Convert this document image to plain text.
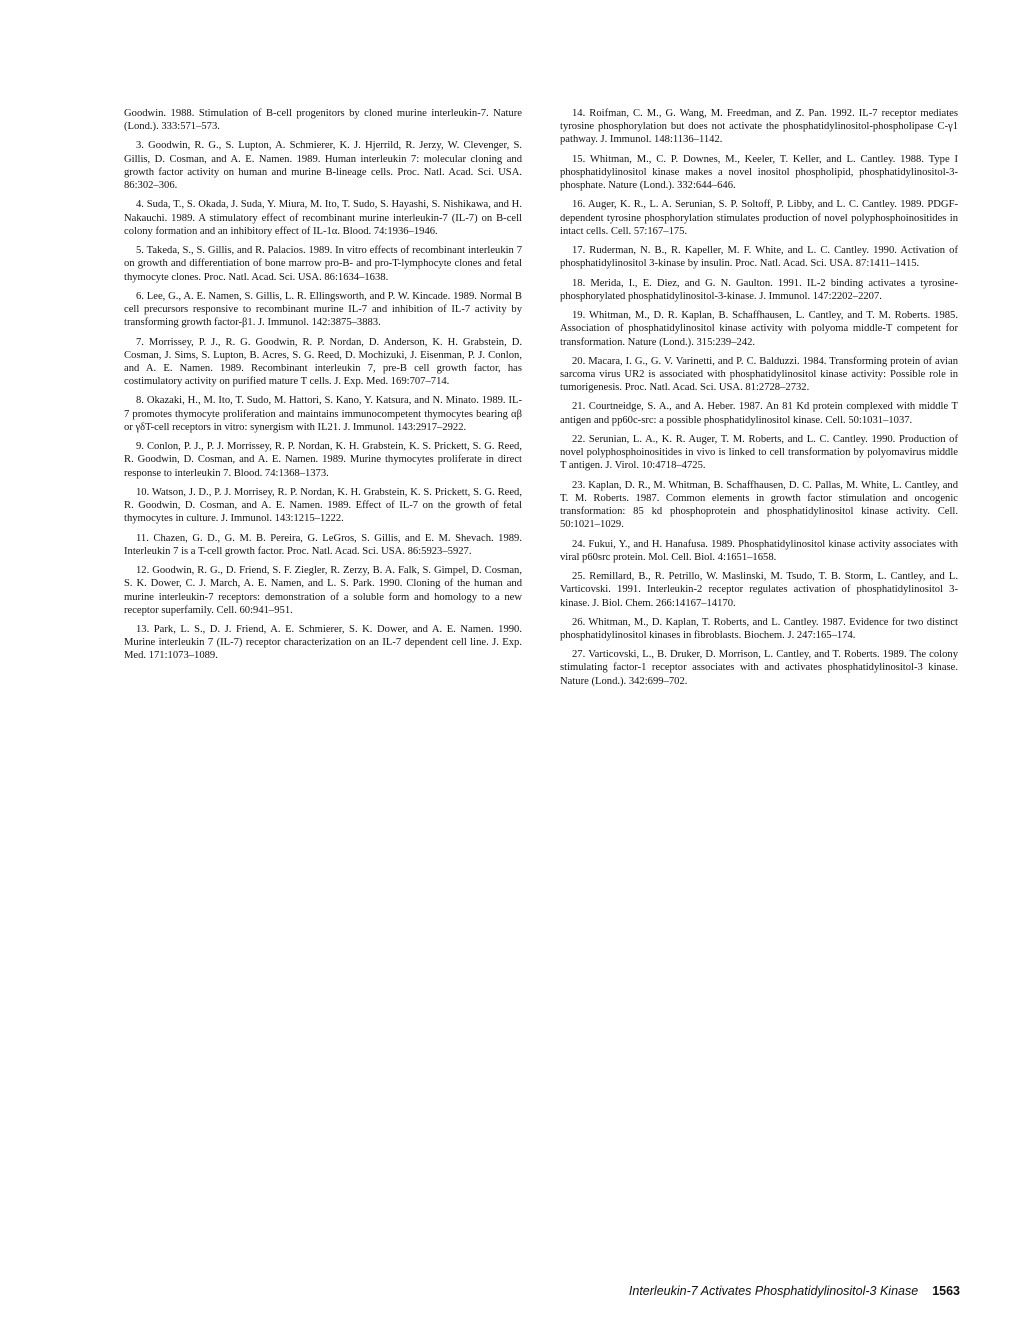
Goodwin. 1988. Stimulation of B-cell progenitors by cloned murine interleukin-7. Nature (Lond.). 333:571–573.

3. Goodwin, R. G., S. Lupton, A. Schmierer, K. J. Hjerrild, R. Jerzy, W. Clevenger, S. Gillis, D. Cosman, and A. E. Namen. 1989. Human interleukin 7: molecular cloning and growth factor activity on human and murine B-lineage cells. Proc. Natl. Acad. Sci. USA. 86:302–306.

4. Suda, T., S. Okada, J. Suda, Y. Miura, M. Ito, T. Sudo, S. Hayashi, S. Nishikawa, and H. Nakauchi. 1989. A stimulatory effect of recombinant murine interleukin-7 (IL-7) on B-cell colony formation and an inhibitory effect of IL-1α. Blood. 74:1936–1946.

5. Takeda, S., S. Gillis, and R. Palacios. 1989. In vitro effects of recombinant interleukin 7 on growth and differentiation of bone marrow pro-B- and pro-T-lymphocyte clones and fetal thymocyte clones. Proc. Natl. Acad. Sci. USA. 86:1634–1638.

6. Lee, G., A. E. Namen, S. Gillis, L. R. Ellingsworth, and P. W. Kincade. 1989. Normal B cell precursors responsive to recombinant murine IL-7 and inhibition of IL-7 activity by transforming growth factor-β1. J. Immunol. 142:3875–3883.

7. Morrissey, P. J., R. G. Goodwin, R. P. Nordan, D. Anderson, K. H. Grabstein, D. Cosman, J. Sims, S. Lupton, B. Acres, S. G. Reed, D. Mochizuki, J. Eisenman, P. J. Conlon, and A. E. Namen. 1989. Recombinant interleukin 7, pre-B cell growth factor, has costimulatory activity on purified mature T cells. J. Exp. Med. 169:707–714.

8. Okazaki, H., M. Ito, T. Sudo, M. Hattori, S. Kano, Y. Katsura, and N. Minato. 1989. IL-7 promotes thymocyte proliferation and maintains immunocompetent thymocytes bearing αβ or γδT-cell receptors in vitro: synergism with IL21. J. Immunol. 143:2917–2922.

9. Conlon, P. J., P. J. Morrissey, R. P. Nordan, K. H. Grabstein, K. S. Prickett, S. G. Reed, R. Goodwin, D. Cosman, and A. E. Namen. 1989. Murine thymocytes proliferate in direct response to interleukin 7. Blood. 74:1368–1373.

10. Watson, J. D., P. J. Morrisey, R. P. Nordan, K. H. Grabstein, K. S. Prickett, S. G. Reed, R. Goodwin, D. Cosman, and A. E. Namen. 1989. Effect of IL-7 on the growth of fetal thymocytes in culture. J. Immunol. 143:1215–1222.

11. Chazen, G. D., G. M. B. Pereira, G. LeGros, S. Gillis, and E. M. Shevach. 1989. Interleukin 7 is a T-cell growth factor. Proc. Natl. Acad. Sci. USA. 86:5923–5927.

12. Goodwin, R. G., D. Friend, S. F. Ziegler, R. Zerzy, B. A. Falk, S. Gimpel, D. Cosman, S. K. Dower, C. J. March, A. E. Namen, and L. S. Park. 1990. Cloning of the human and murine interleukin-7 receptors: demonstration of a soluble form and homology to a new receptor superfamily. Cell. 60:941–951.

13. Park, L. S., D. J. Friend, A. E. Schmierer, S. K. Dower, and A. E. Namen. 1990. Murine interleukin 7 (IL-7) receptor characterization on an IL-7 dependent cell line. J. Exp. Med. 171:1073–1089.

14. Roifman, C. M., G. Wang, M. Freedman, and Z. Pan. 1992. IL-7 receptor mediates tyrosine phosphorylation but does not activate the phosphatidylinositol-phospholipase C-γ1 pathway. J. Immunol. 148:1136–1142.

15. Whitman, M., C. P. Downes, M., Keeler, T. Keller, and L. Cantley. 1988. Type I phosphatidylinositol kinase makes a novel inositol phospholipid, phosphatidylinositol-3-phosphate. Nature (Lond.). 332:644–646.

16. Auger, K. R., L. A. Serunian, S. P. Soltoff, P. Libby, and L. C. Cantley. 1989. PDGF-dependent tyrosine phosphorylation stimulates production of novel polyphosphoinositides in intact cells. Cell. 57:167–175.

17. Ruderman, N. B., R. Kapeller, M. F. White, and L. C. Cantley. 1990. Activation of phosphatidylinositol 3-kinase by insulin. Proc. Natl. Acad. Sci. USA. 87:1411–1415.

18. Merida, I., E. Diez, and G. N. Gaulton. 1991. IL-2 binding activates a tyrosine-phosphorylated phosphatidylinositol-3-kinase. J. Immunol. 147:2202–2207.

19. Whitman, M., D. R. Kaplan, B. Schaffhausen, L. Cantley, and T. M. Roberts. 1985. Association of phosphatidylinositol kinase activity with polyoma middle-T competent for transformation. Nature (Lond.). 315:239–242.

20. Macara, I. G., G. V. Varinetti, and P. C. Balduzzi. 1984. Transforming protein of avian sarcoma virus UR2 is associated with phosphatidylinositol kinase activity: Possible role in tumorigenesis. Proc. Natl. Acad. Sci. USA. 81:2728–2732.

21. Courtneidge, S. A., and A. Heber. 1987. An 81 Kd protein complexed with middle T antigen and pp60c-src: a possible phosphatidylinositol kinase. Cell. 50:1031–1037.

22. Serunian, L. A., K. R. Auger, T. M. Roberts, and L. C. Cantley. 1990. Production of novel polyphosphoinositides in vivo is linked to cell transformation by polyomavirus middle T antigen. J. Virol. 10:4718–4725.

23. Kaplan, D. R., M. Whitman, B. Schaffhausen, D. C. Pallas, M. White, L. Cantley, and T. M. Roberts. 1987. Common elements in growth factor stimulation and oncogenic transformation: 85 kd phosphoprotein and phosphatidylinositol kinase activity. Cell. 50:1021–1029.

24. Fukui, Y., and H. Hanafusa. 1989. Phosphatidylinositol kinase activity associates with viral p60src protein. Mol. Cell. Biol. 4:1651–1658.

25. Remillard, B., R. Petrillo, W. Maslinski, M. Tsudo, T. B. Storm, L. Cantley, and L. Varticovski. 1991. Interleukin-2 receptor regulates activation of phosphatidylinositol 3-kinase. J. Biol. Chem. 266:14167–14170.

26. Whitman, M., D. Kaplan, T. Roberts, and L. Cantley. 1987. Evidence for two distinct phosphatidylinositol kinases in fibroblasts. Biochem. J. 247:165–174.

27. Varticovski, L., B. Druker, D. Morrison, L. Cantley, and T. Roberts. 1989. The colony stimulating factor-1 receptor associates with and activates phosphatidylinositol-3 kinase. Nature (Lond.). 342:699–702.

Interleukin-7 Activates Phosphatidylinositol-3 Kinase 1563
